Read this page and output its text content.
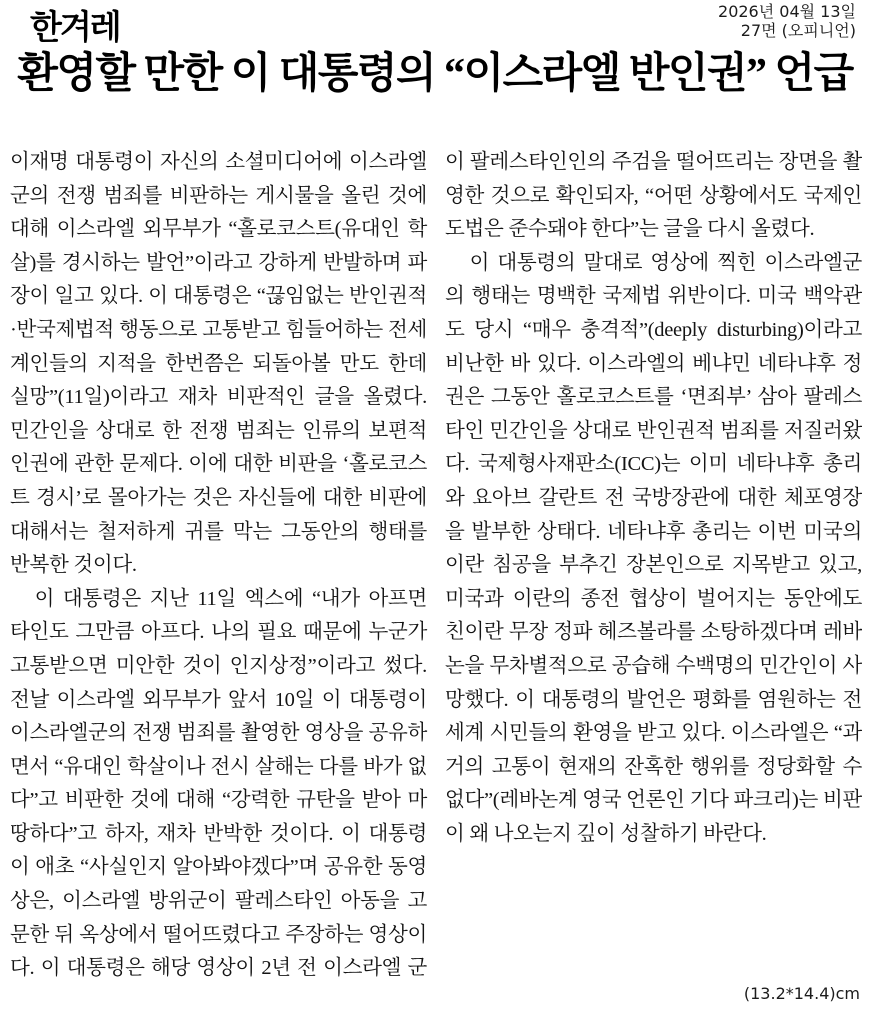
한겨레	2026년 04월 13일
27면 (오피니언)
환영할 만한 이 대통령의 “이스라엘 반인권” 언급

이재명 대통령이 자신의 소셜미디어에 이스라엘군의 전쟁 범죄를 비판하는 게시물을 올린 것에 대해 이스라엘 외무부가 “홀로코스트(유대인 학살)를 경시하는 발언”이라고 강하게 반발하며 파장이 일고 있다. 이 대통령은 “끊임없는 반인권적·반국제법적 행동으로 고통받고 힘들어하는 전세계인들의 지적을 한번쯤은 되돌아볼 만도 한데 실망”(11일)이라고 재차 비판적인 글을 올렸다. 민간인을 상대로 한 전쟁 범죄는 인류의 보편적 인권에 관한 문제다. 이에 대한 비판을 ‘홀로코스트 경시’로 몰아가는 것은 자신들에 대한 비판에 대해서는 철저하게 귀를 막는 그동안의 행태를 반복한 것이다.

이 대통령은 지난 11일 엑스에 “내가 아프면 타인도 그만큼 아프다. 나의 필요 때문에 누군가 고통받으면 미안한 것이 인지상정”이라고 썼다. 전날 이스라엘 외무부가 앞서 10일 이 대통령이 이스라엘군의 전쟁 범죄를 촬영한 영상을 공유하면서 “유대인 학살이나 전시 살해는 다를 바가 없다”고 비판한 것에 대해 “강력한 규탄을 받아 마땅하다”고 하자, 재차 반박한 것이다. 이 대통령이 애초 “사실인지 알아봐야겠다”며 공유한 동영상은, 이스라엘 방위군이 팔레스타인 아동을 고문한 뒤 옥상에서 떨어뜨렸다고 주장하는 영상이다. 이 대통령은 해당 영상이 2년 전 이스라엘 군이 팔레스타인인의 주검을 떨어뜨리는 장면을 촬영한 것으로 확인되자, “어떤 상황에서도 국제인도법은 준수돼야 한다”는 글을 다시 올렸다.

이 대통령의 말대로 영상에 찍힌 이스라엘군의 행태는 명백한 국제법 위반이다. 미국 백악관도 당시 “매우 충격적”(deeply disturbing)이라고 비난한 바 있다. 이스라엘의 베냐민 네타냐후 정권은 그동안 홀로코스트를 ‘면죄부’ 삼아 팔레스타인 민간인을 상대로 반인권적 범죄를 저질러왔다. 국제형사재판소(ICC)는 이미 네타냐후 총리와 요아브 갈란트 전 국방장관에 대한 체포영장을 발부한 상태다. 네타냐후 총리는 이번 미국의 이란 침공을 부추긴 장본인으로 지목받고 있고, 미국과 이란의 종전 협상이 벌어지는 동안에도 친이란 무장 정파 헤즈볼라를 소탕하겠다며 레바논을 무차별적으로 공습해 수백명의 민간인이 사망했다. 이 대통령의 발언은 평화를 염원하는 전세계 시민들의 환영을 받고 있다. 이스라엘은 “과거의 고통이 현재의 잔혹한 행위를 정당화할 수 없다”(레바논계 영국 언론인 기다 파크리)는 비판이 왜 나오는지 깊이 성찰하기 바란다.

(13.2*14.4)cm
